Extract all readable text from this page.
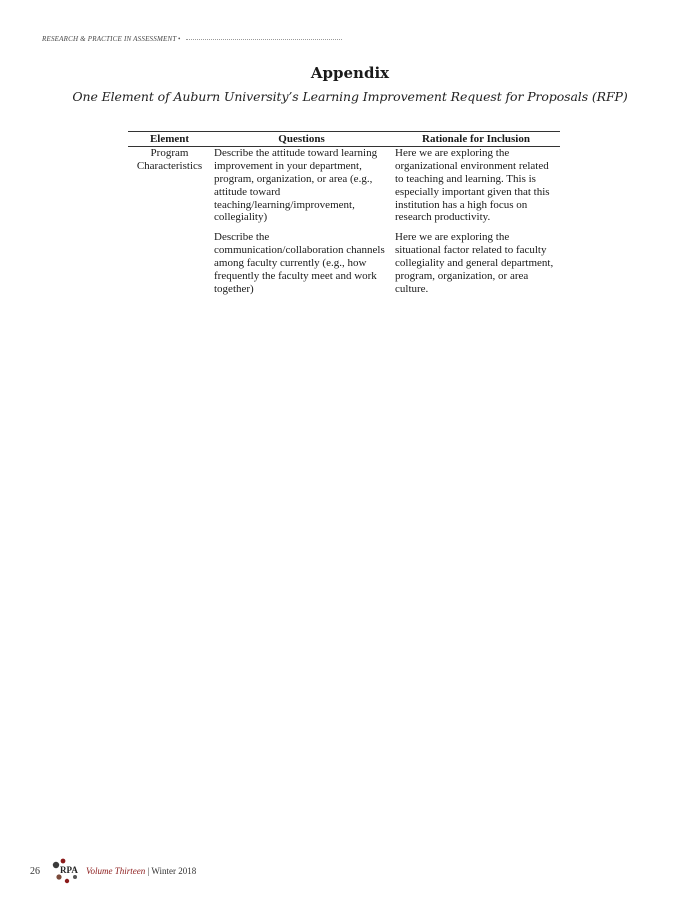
RESEARCH & PRACTICE IN ASSESSMENT •
Appendix
One Element of Auburn University’s Learning Improvement Request for Proposals (RFP)
Element	Questions	Rationale for Inclusion
Program Characteristics	Describe the attitude toward learning improvement in your department, program, organization, or area (e.g., attitude toward teaching/learning/improvement, collegiality)	Here we are exploring the organizational environment related to teaching and learning. This is especially important given that this institution has a high focus on research productivity.

	Describe the communication/collaboration channels among faculty currently (e.g., how frequently the faculty meet and work together)	Here we are exploring the situational factor related to faculty collegiality and general department, program, organization, or area culture.
26 RPA Volume Thirteen | Winter 2018
